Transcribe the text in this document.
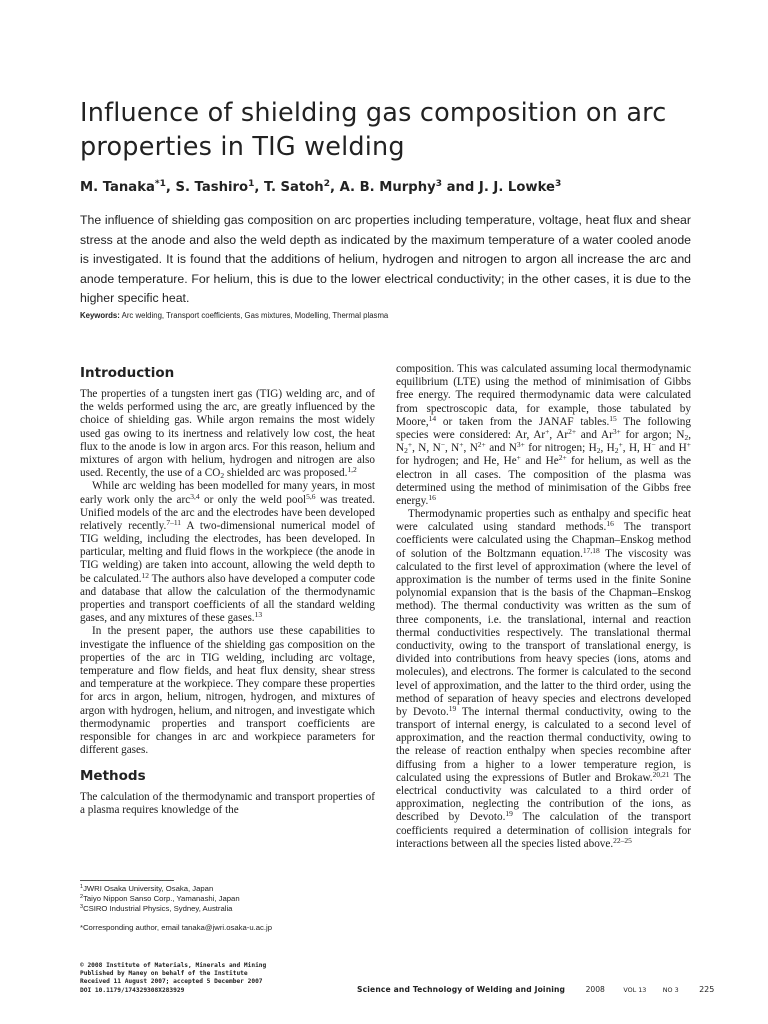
Influence of shielding gas composition on arc properties in TIG welding
M. Tanaka$^{*1}$, S. Tashiro$^1$, T. Satoh$^2$, A. B. Murphy$^3$ and J. J. Lowke$^3$

The influence of shielding gas composition on arc properties including temperature, voltage, heat flux and shear stress at the anode and also the weld depth as indicated by the maximum temperature of a water cooled anode is investigated. It is found that the additions of helium, hydrogen and nitrogen to argon all increase the arc and anode temperature. For helium, this is due to the lower electrical conductivity; in the other cases, it is due to the higher specific heat.

Keywords: Arc welding, Transport coefficients, Gas mixtures, Modelling, Thermal plasma

Introduction

The properties of a tungsten inert gas (TIG) welding arc, and of the welds performed using the arc, are greatly influenced by the choice of shielding gas. While argon remains the most widely used gas owing to its inertness and relatively low cost, the heat flux to the anode is low in argon arcs. For this reason, helium and mixtures of argon with helium, hydrogen and nitrogen are also used. Recently, the use of a $CO_2$ shielded arc was proposed.$^{1,2}$

While arc welding has been modelled for many years, in most early work only the arc$^{3,4}$ or only the weld pool$^{5,6}$ was treated. Unified models of the arc and the electrodes have been developed relatively recently.$^{7-11}$ A two-dimensional numerical model of TIG welding, including the electrodes, has been developed. In particular, melting and fluid flows in the workpiece (the anode in TIG welding) are taken into account, allowing the weld depth to be calculated.$^{12}$ The authors also have developed a computer code and database that allow the calculation of the thermodynamic properties and transport coefficients of all the standard welding gases, and any mixtures of these gases.$^{13}$

In the present paper, the authors use these capabilities to investigate the influence of the shielding gas composition on the properties of the arc in TIG welding, including arc voltage, temperature and flow fields, and heat flux density, shear stress and temperature at the workpiece. They compare these properties for arcs in argon, helium, nitrogen, hydrogen, and mixtures of argon with hydrogen, helium, and nitrogen, and investigate which thermodynamic properties and transport coefficients are responsible for changes in arc and workpiece parameters for different gases.

Methods

The calculation of the thermodynamic and transport properties of a plasma requires knowledge of the

composition. This was calculated assuming local thermodynamic equilibrium (LTE) using the method of minimisation of Gibbs free energy. The required thermodynamic data were calculated from spectroscopic data, for example, those tabulated by Moore,$^{14}$ or taken from the JANAF tables.$^{15}$ The following species were considered: Ar, Ar+, $Ar^{2+}$ and $Ar^{3+}$ for argon; $N_2$, $N_2^+$, N, N−, N+, $N^{2+}$ and $N^{3+}$ for nitrogen; $H_2$, $H_2^+$, H, H− and H+ for hydrogen; and He, He+ and $He^{2+}$ for helium, as well as the electron in all cases. The composition of the plasma was determined using the method of minimisation of the Gibbs free energy.$^{16}$

Thermodynamic properties such as enthalpy and specific heat were calculated using standard methods.$^{16}$ The transport coefficients were calculated using the Chapman–Enskog method of solution of the Boltzmann equation.$^{17,18}$ The viscosity was calculated to the first level of approximation (where the level of approximation is the number of terms used in the finite Sonine polynomial expansion that is the basis of the Chapman–Enskog method). The thermal conductivity was written as the sum of three components, i.e. the translational, internal and reaction thermal conductivities respectively. The translational thermal conductivity, owing to the transport of translational energy, is divided into contributions from heavy species (ions, atoms and molecules), and electrons. The former is calculated to the second level of approximation, and the latter to the third order, using the method of separation of heavy species and electrons developed by Devoto.$^{19}$ The internal thermal conductivity, owing to the transport of internal energy, is calculated to a second level of approximation, and the reaction thermal conductivity, owing to the release of reaction enthalpy when species recombine after diffusing from a higher to a lower temperature region, is calculated using the expressions of Butler and Brokaw.$^{20,21}$ The electrical conductivity was calculated to a third order of approximation, neglecting the contribution of the ions, as described by Devoto.$^{19}$ The calculation of the transport coefficients required a determination of collision integrals for interactions between all the species listed above.$^{22-25}$

$^1$JWRI Osaka University, Osaka, Japan
$^2$Taiyo Nippon Sanso Corp., Yamanashi, Japan
$^3$CSIRO Industrial Physics, Sydney, Australia

*Corresponding author, email tanaka@jwri.osaka-u.ac.jp

© 2008 Institute of Materials, Minerals and Mining
Published by Maney on behalf of the Institute
Received 11 August 2007; accepted 5 December 2007
DOI 10.1179/174329308X283929	Science and Technology of Welding and Joining	2008	VOL 13	NO 3	225
